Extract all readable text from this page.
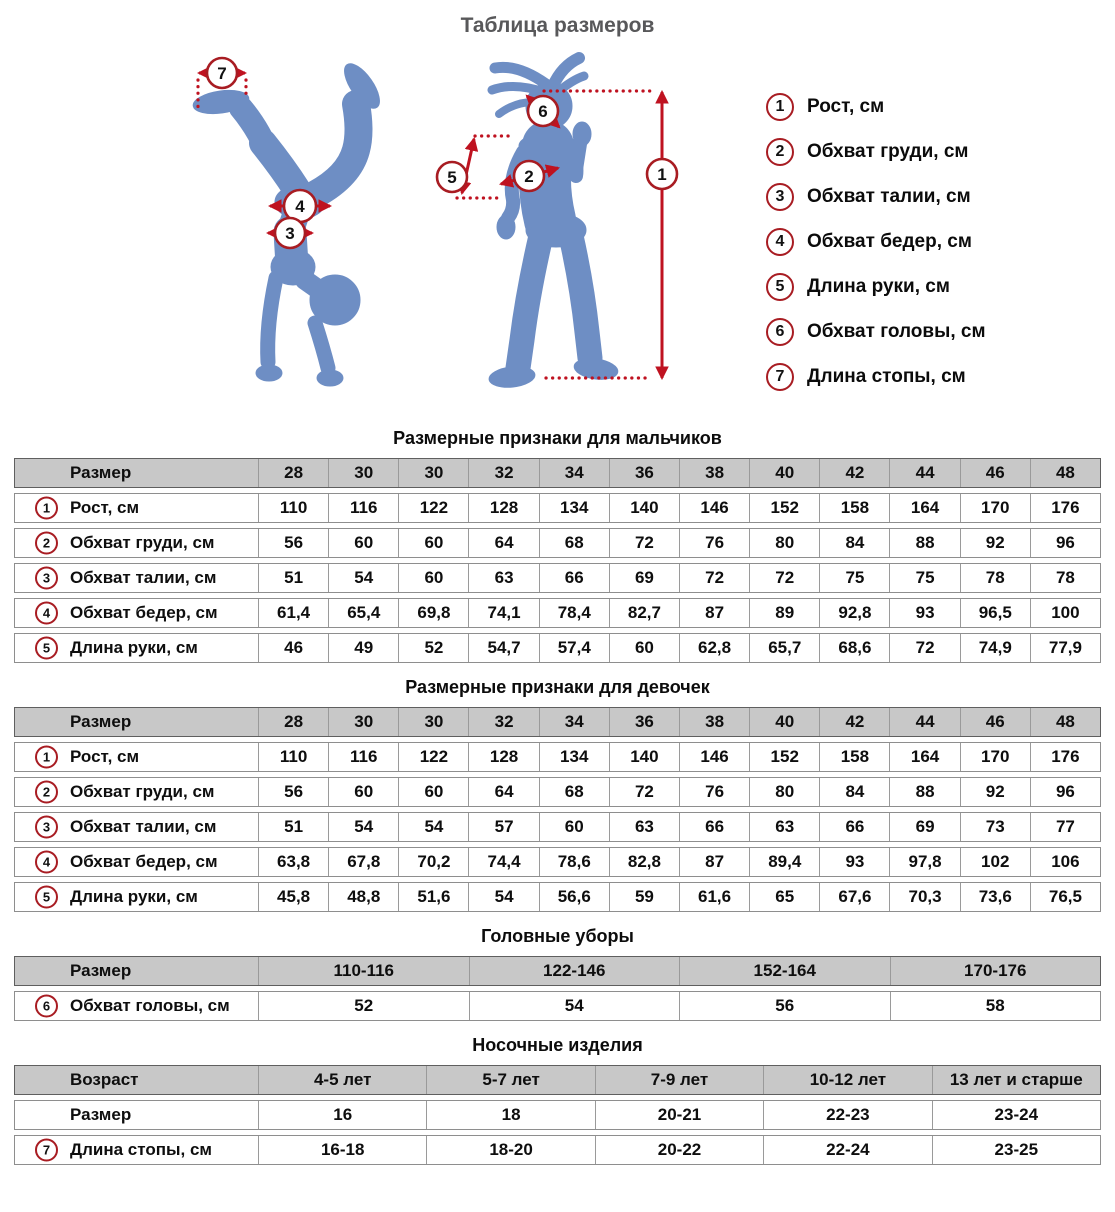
Таблица размеров
7
4
3
6
2
5	1
1	Рост, см
2	Обхват груди, см
3	Обхват талии, см
4	Обхват бедер, см
5	Длина руки, см
6	Обхват головы, см
7	Длина стопы, см
Размерные признаки для мальчиков
Размер	28	30	30	32	34	36	38	40	42	44	46	48
1	Рост, см	110	116	122	128	134	140	146	152	158	164	170	176
2	Обхват груди, см	56	60	60	64	68	72	76	80	84	88	92	96
3	Обхват талии, см	51	54	60	63	66	69	72	72	75	75	78	78
4	Обхват бедер, см	61,4	65,4	69,8	74,1	78,4	82,7	87	89	92,8	93	96,5	100
5	Длина руки, см	46	49	52	54,7	57,4	60	62,8	65,7	68,6	72	74,9	77,9
Размерные признаки для девочек
Размер	28	30	30	32	34	36	38	40	42	44	46	48
1	Рост, см	110	116	122	128	134	140	146	152	158	164	170	176
2	Обхват груди, см	56	60	60	64	68	72	76	80	84	88	92	96
3	Обхват талии, см	51	54	54	57	60	63	66	63	66	69	73	77
4	Обхват бедер, см	63,8	67,8	70,2	74,4	78,6	82,8	87	89,4	93	97,8	102	106
5	Длина руки, см	45,8	48,8	51,6	54	56,6	59	61,6	65	67,6	70,3	73,6	76,5
Головные уборы
Размер	110-116	122-146	152-164	170-176
6	Обхват головы, см	52	54	56	58
Носочные изделия
Возраст	4-5 лет	5-7 лет	7-9 лет	10-12 лет	13 лет и старше
Размер	16	18	20-21	22-23	23-24
7	Длина стопы, см	16-18	18-20	20-22	22-24	23-25
